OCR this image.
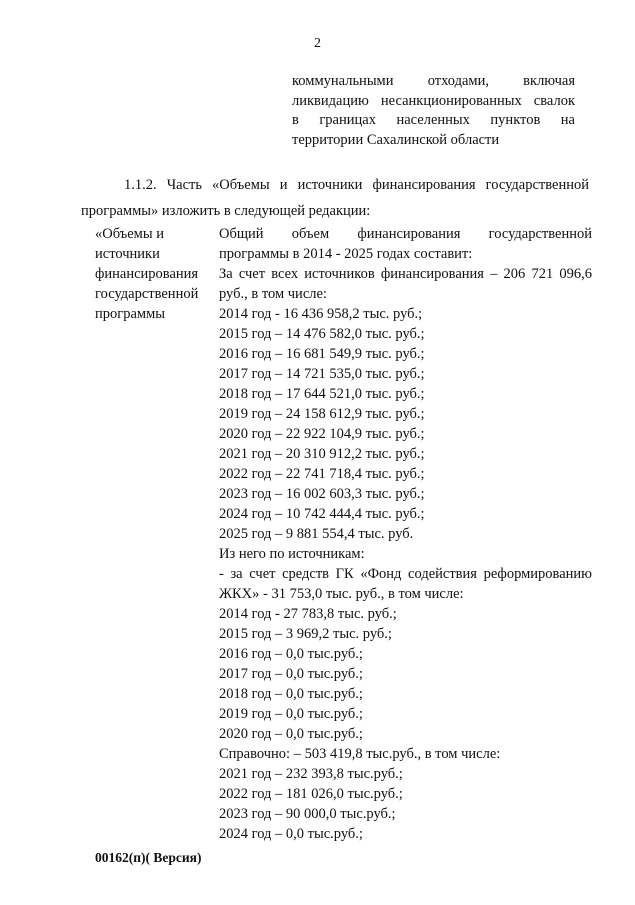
2
коммунальными отходами, включая
ликвидацию несанкционированных свалок
в границах населенных пунктов на
территории Сахалинской области
1.1.2. Часть «Объемы и источники финансирования государственной
программы» изложить в следующей редакции:
«Объемы и
источники
финансирования
государственной
программы
Общий объем финансирования государственной
программы в 2014 - 2025 годах составит:
За счет всех источников финансирования – 206 721 096,6
руб., в том числе:
2014 год - 16 436 958,2 тыс. руб.;
2015 год – 14 476 582,0 тыс. руб.;
2016 год – 16 681 549,9 тыс. руб.;
2017 год – 14 721 535,0 тыс. руб.;
2018 год – 17 644 521,0 тыс. руб.;
2019 год – 24 158 612,9 тыс. руб.;
2020 год – 22 922 104,9 тыс. руб.;
2021 год – 20 310 912,2 тыс. руб.;
2022 год – 22 741 718,4 тыс. руб.;
2023 год – 16 002 603,3 тыс. руб.;
2024 год – 10 742 444,4 тыс. руб.;
2025 год – 9 881 554,4 тыс. руб.
Из него по источникам:
- за счет средств ГК «Фонд содействия реформированию
ЖКХ» - 31 753,0 тыс. руб., в том числе:
2014 год - 27 783,8 тыс. руб.;
2015 год – 3 969,2 тыс. руб.;
2016 год – 0,0 тыс.руб.;
2017 год – 0,0 тыс.руб.;
2018 год – 0,0 тыс.руб.;
2019 год – 0,0 тыс.руб.;
2020 год – 0,0 тыс.руб.;
Справочно: – 503 419,8 тыс.руб., в том числе:
2021 год – 232 393,8 тыс.руб.;
2022 год – 181 026,0 тыс.руб.;
2023 год – 90 000,0 тыс.руб.;
2024 год – 0,0 тыс.руб.;
00162(п)( Версия)
